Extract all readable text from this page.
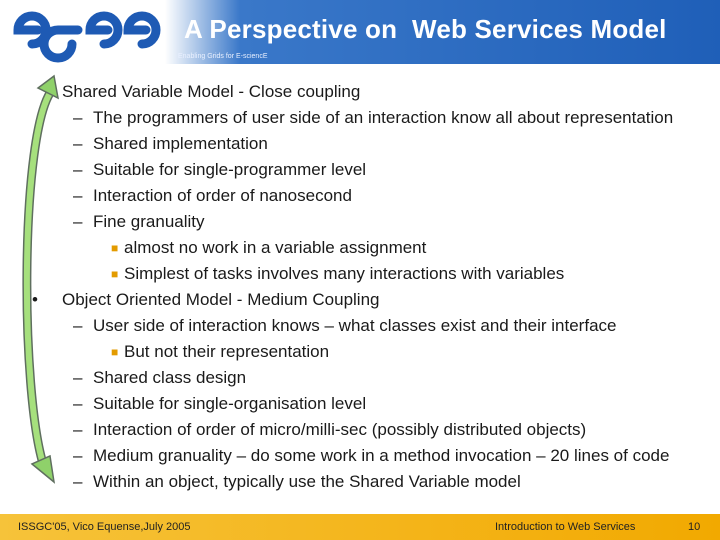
egee
A Perspective on  Web Services Model
Enabling Grids for E-sciencE
Shared Variable Model - Close coupling
– The programmers of user side of an interaction know all about representation
– Shared implementation
– Suitable for single-programmer level
– Interaction of order of nanosecond
– Fine granuality
■ almost no work in a variable assignment
■ Simplest of tasks involves many interactions with variables
• Object Oriented Model - Medium Coupling
– User side of interaction knows – what classes exist and their interface
■ But not their representation
– Shared class design
– Suitable for single-organisation level
– Interaction of order of micro/milli-sec (possibly distributed objects)
– Medium granuality – do some work in a method invocation – 20 lines of code
– Within an object, typically use the Shared Variable model
ISSGC'05, Vico Equense,July 2005	Introduction to Web Services	10
